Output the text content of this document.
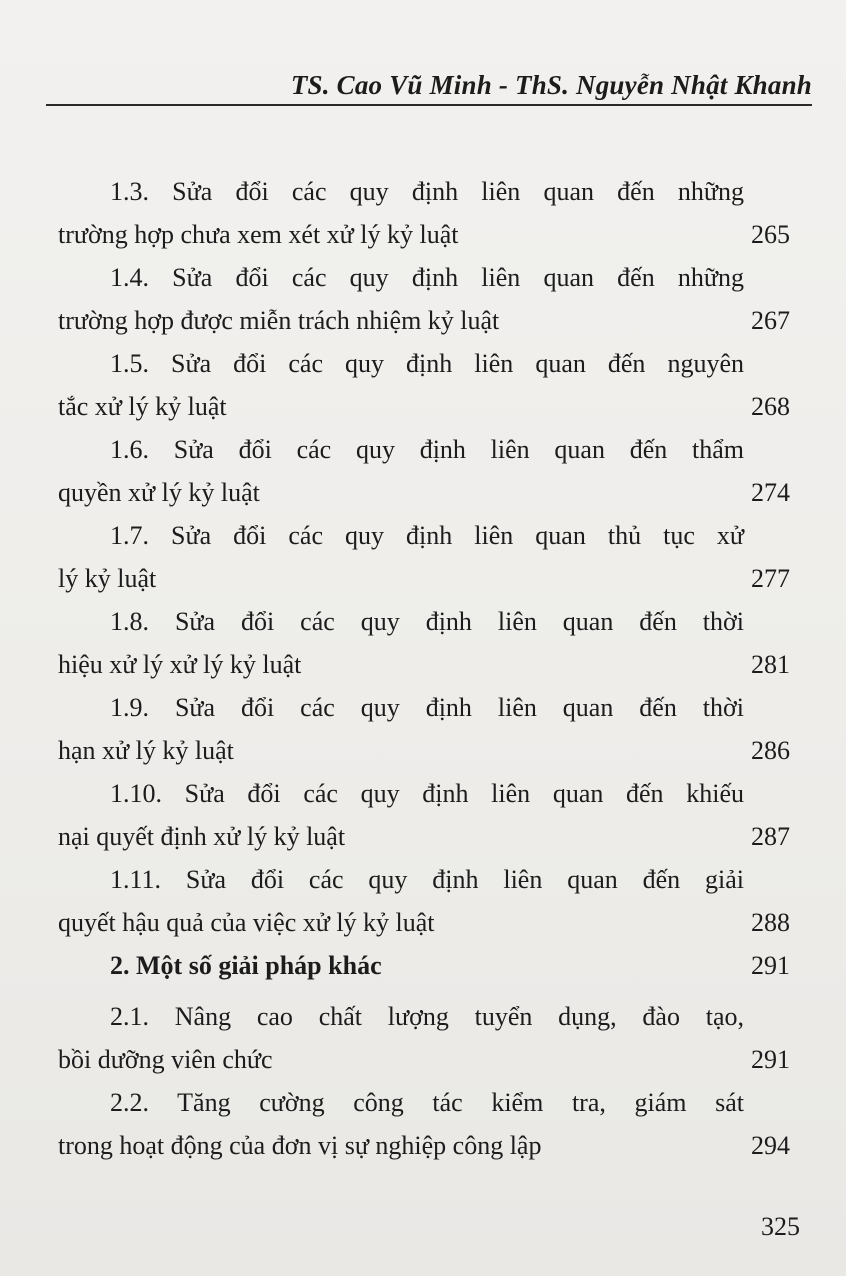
TS. Cao Vũ Minh - ThS. Nguyễn Nhật Khanh
1.3. Sửa đổi các quy định liên quan đến những
trường hợp chưa xem xét xử lý kỷ luật	265
1.4. Sửa đổi các quy định liên quan đến những
trường hợp được miễn trách nhiệm kỷ luật	267
1.5. Sửa đổi các quy định liên quan đến nguyên
tắc xử lý kỷ luật	268
1.6. Sửa đổi các quy định liên quan đến thẩm
quyền xử lý kỷ luật	274
1.7. Sửa đổi các quy định liên quan thủ tục xử
lý kỷ luật	277
1.8. Sửa đổi các quy định liên quan đến thời
hiệu xử lý xử lý kỷ luật	281
1.9. Sửa đổi các quy định liên quan đến thời
hạn xử lý kỷ luật	286
1.10. Sửa đổi các quy định liên quan đến khiếu
nại quyết định xử lý kỷ luật	287
1.11. Sửa đổi các quy định liên quan đến giải
quyết hậu quả của việc xử lý kỷ luật	288
2. Một số giải pháp khác	291
2.1. Nâng cao chất lượng tuyển dụng, đào tạo,
bồi dưỡng viên chức	291
2.2. Tăng cường công tác kiểm tra, giám sát
trong hoạt động của đơn vị sự nghiệp công lập	294
325
